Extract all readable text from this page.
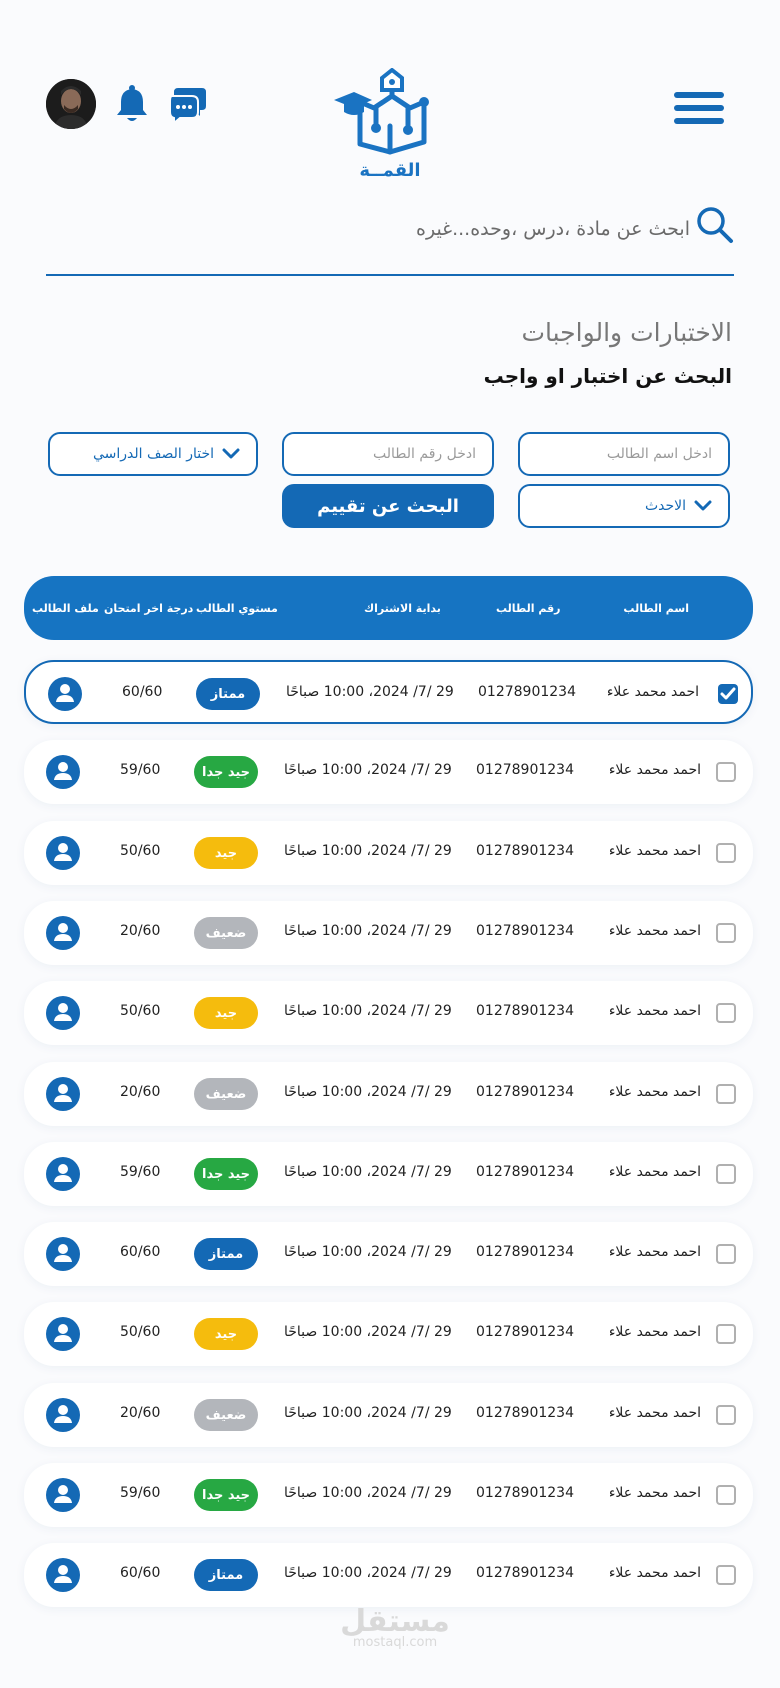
القمــة
ابحث عن مادة ،درس ،وحده...غيره
الاختبارات والواجبات
البحث عن اختبار او واجب
ادخل اسم الطالب
ادخل رقم الطالب
اختار الصف الدراسي
الاحدث
البحث عن تقييم
اسم الطالب
رقم الطالب
بداية الاشتراك
مستوي الطالب
درجة اخر امتحان
ملف الطالب
احمد محمد علاء
01278901234
29 /7/ 2024، 10:00 صباحًا
ممتاز
60/60
احمد محمد علاء
01278901234
29 /7/ 2024، 10:00 صباحًا
جيد جدا
59/60
احمد محمد علاء
01278901234
29 /7/ 2024، 10:00 صباحًا
جيد
50/60
احمد محمد علاء
01278901234
29 /7/ 2024، 10:00 صباحًا
ضعيف
20/60
احمد محمد علاء
01278901234
29 /7/ 2024، 10:00 صباحًا
جيد
50/60
احمد محمد علاء
01278901234
29 /7/ 2024، 10:00 صباحًا
ضعيف
20/60
احمد محمد علاء
01278901234
29 /7/ 2024، 10:00 صباحًا
جيد جدا
59/60
احمد محمد علاء
01278901234
29 /7/ 2024، 10:00 صباحًا
ممتاز
60/60
احمد محمد علاء
01278901234
29 /7/ 2024، 10:00 صباحًا
جيد
50/60
احمد محمد علاء
01278901234
29 /7/ 2024، 10:00 صباحًا
ضعيف
20/60
احمد محمد علاء
01278901234
29 /7/ 2024، 10:00 صباحًا
جيد جدا
59/60
احمد محمد علاء
01278901234
29 /7/ 2024، 10:00 صباحًا
ممتاز
60/60
مستقل
mostaql.com
